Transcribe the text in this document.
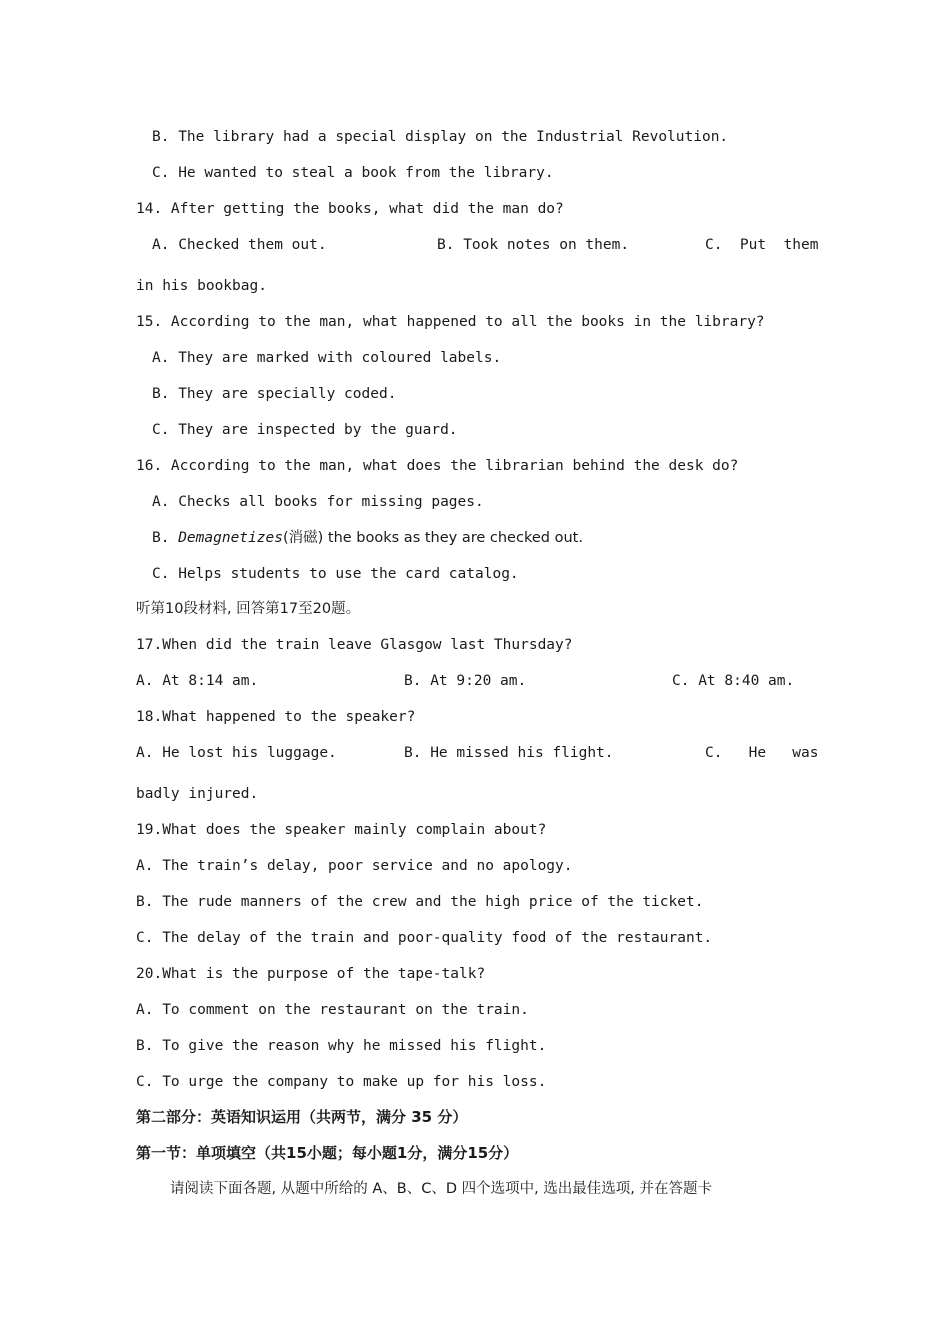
B. The library had a special display on the Industrial Revolution.
C. He wanted to steal a book from the library.
14. After getting the books, what did the man do?
A. Checked them out.	B. Took notes on them.	C.  Put  them
in his bookbag.
15. According to the man, what happened to all the books in the library?
A. They are marked with coloured labels.
B. They are specially coded.
C. They are inspected by the guard.
16. According to the man, what does the librarian behind the desk do?
A. Checks all books for missing pages.
B. Demagnetizes(消磁) the books as they are checked out.
C. Helps students to use the card catalog.
听第10段材料, 回答第17至20题。
17.When did the train leave Glasgow last Thursday?
A. At 8:14 am.	B. At 9:20 am.	C. At 8:40 am.
18.What happened to the speaker?
A. He lost his luggage.	B. He missed his flight.	C.   He   was
badly injured.
19.What does the speaker mainly complain about?
A. The train’s delay, poor service and no apology.
B. The rude manners of the crew and the high price of the ticket.
C. The delay of the train and poor-quality food of the restaurant.
20.What is the purpose of the tape-talk?
A. To comment on the restaurant on the train.
B. To give the reason why he missed his flight.
C. To urge the company to make up for his loss.
第二部分：英语知识运用（共两节，满分 35 分）
第一节：单项填空（共15小题；每小题1分，满分15分）
请阅读下面各题, 从题中所给的 A、B、C、D 四个选项中, 选出最佳选项, 并在答题卡
